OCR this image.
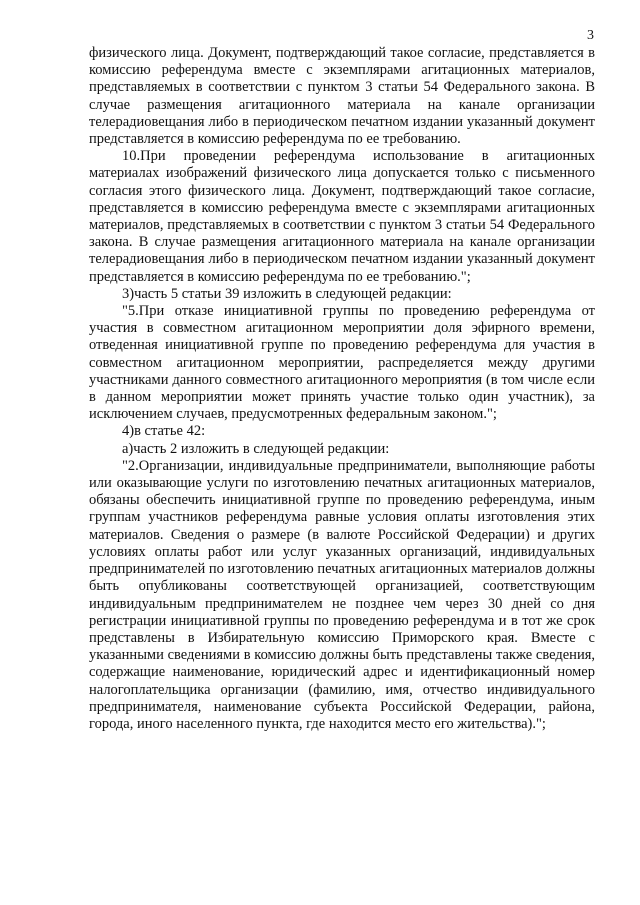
3

физического лица. Документ, подтверждающий такое согласие, представляется в комиссию референдума вместе с экземплярами агитационных материалов, представляемых в соответствии с пунктом 3 статьи 54 Федерального закона. В случае размещения агитационного материала на канале организации телерадиовещания либо в периодическом печатном издании указанный документ представляется в комиссию референдума по ее требованию.

10.При проведении референдума использование в агитационных материалах изображений физического лица допускается только с письменного согласия этого физического лица. Документ, подтверждающий такое согласие, представляется в комиссию референдума вместе с экземплярами агитационных материалов, представляемых в соответствии с пунктом 3 статьи 54 Федерального закона. В случае размещения агитационного материала на канале организации телерадиовещания либо в периодическом печатном издании указанный документ представляется в комиссию референдума по ее требованию.";

3)часть 5 статьи 39 изложить в следующей редакции:

"5.При отказе инициативной группы по проведению референдума от участия в совместном агитационном мероприятии доля эфирного времени, отведенная инициативной группе по проведению референдума для участия в совместном агитационном мероприятии, распределяется между другими участниками данного совместного агитационного мероприятия (в том числе если в данном мероприятии может принять участие только один участник), за исключением случаев, предусмотренных федеральным законом.";

4)в статье 42:

а)часть 2 изложить в следующей редакции:

"2.Организации, индивидуальные предприниматели, выполняющие работы или оказывающие услуги по изготовлению печатных агитационных материалов, обязаны обеспечить инициативной группе по проведению референдума, иным группам участников референдума равные условия оплаты изготовления этих материалов. Сведения о размере (в валюте Российской Федерации) и других условиях оплаты работ или услуг указанных организаций, индивидуальных предпринимателей по изготовлению печатных агитационных материалов должны быть опубликованы соответствующей организацией, соответствующим индивидуальным предпринимателем не позднее чем через 30 дней со дня регистрации инициативной группы по проведению референдума и в тот же срок представлены в Избирательную комиссию Приморского края. Вместе с указанными сведениями в комиссию должны быть представлены также сведения, содержащие наименование, юридический адрес и идентификационный номер налогоплательщика организации (фамилию, имя, отчество индивидуального предпринимателя, наименование субъекта Российской Федерации, района, города, иного населенного пункта, где находится место его жительства).";
